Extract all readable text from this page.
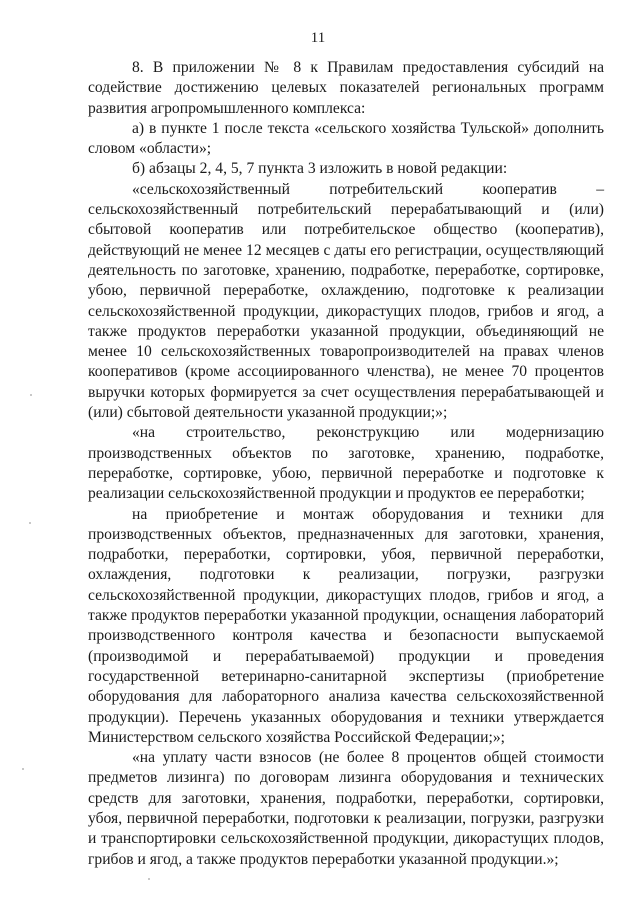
11

8. В приложении № 8 к Правилам предоставления субсидий на содействие достижению целевых показателей региональных программ развития агропромышленного комплекса:

а) в пункте 1 после текста «сельского хозяйства Тульской» дополнить словом «области»;

б) абзацы 2, 4, 5, 7 пункта 3 изложить в новой редакции:

«сельскохозяйственный потребительский кооператив – сельскохозяйственный потребительский перерабатывающий и (или) сбытовой кооператив или потребительское общество (кооператив), действующий не менее 12 месяцев с даты его регистрации, осуществляющий деятельность по заготовке, хранению, подработке, переработке, сортировке, убою, первичной переработке, охлаждению, подготовке к реализации сельскохозяйственной продукции, дикорастущих плодов, грибов и ягод, а также продуктов переработки указанной продукции, объединяющий не менее 10 сельскохозяйственных товаропроизводителей на правах членов кооперативов (кроме ассоциированного членства), не менее 70 процентов выручки которых формируется за счет осуществления перерабатывающей и (или) сбытовой деятельности указанной продукции;»;

«на строительство, реконструкцию или модернизацию производственных объектов по заготовке, хранению, подработке, переработке, сортировке, убою, первичной переработке и подготовке к реализации сельскохозяйственной продукции и продуктов ее переработки;

на приобретение и монтаж оборудования и техники для производственных объектов, предназначенных для заготовки, хранения, подработки, переработки, сортировки, убоя, первичной переработки, охлаждения, подготовки к реализации, погрузки, разгрузки сельскохозяйственной продукции, дикорастущих плодов, грибов и ягод, а также продуктов переработки указанной продукции, оснащения лабораторий производственного контроля качества и безопасности выпускаемой (производимой и перерабатываемой) продукции и проведения государственной ветеринарно-санитарной экспертизы (приобретение оборудования для лабораторного анализа качества сельскохозяйственной продукции). Перечень указанных оборудования и техники утверждается Министерством сельского хозяйства Российской Федерации;»;

«на уплату части взносов (не более 8 процентов общей стоимости предметов лизинга) по договорам лизинга оборудования и технических средств для заготовки, хранения, подработки, переработки, сортировки, убоя, первичной переработки, подготовки к реализации, погрузки, разгрузки и транспортировки сельскохозяйственной продукции, дикорастущих плодов, грибов и ягод, а также продуктов переработки указанной продукции.»;
